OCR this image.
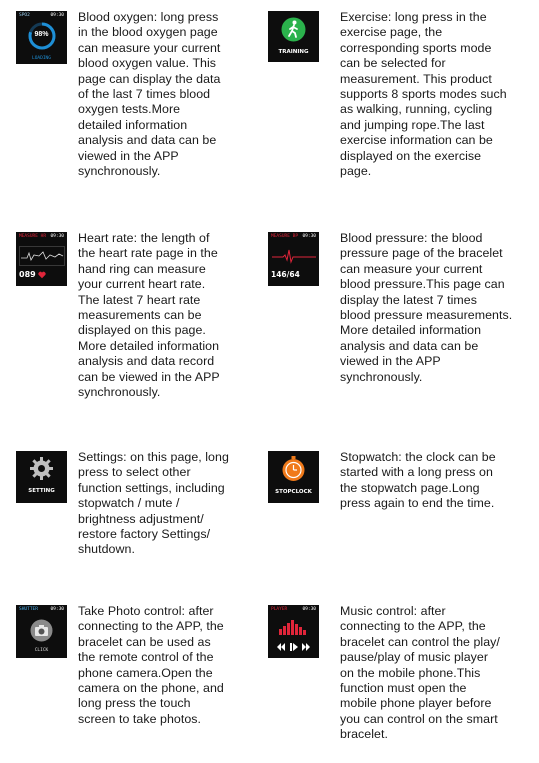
SPO2	09:30
98%
LOADING
Blood oxygen: long press
in the blood oxygen page
can measure your current
blood oxygen value. This
page can display the data
of the last 7 times blood
oxygen tests.More
detailed information
analysis and data can be
viewed in the APP
synchronously.
TRAINING
Exercise: long press in the
exercise page, the
corresponding sports mode
can be selected for
measurement. This product
supports 8 sports modes such
as walking, running, cycling
and jumping rope.The last
exercise information can be
displayed on the exercise
page.
MEASURE HR 09:30
089
Heart rate: the length of
the heart rate page in the
hand ring can measure
your current heart rate.
The latest 7 heart rate
measurements can be
displayed on this page.
More detailed information
analysis and data record
can be viewed in the APP
synchronously.
MEASURE BP 09:30
146/64
Blood pressure: the blood
pressure page of the bracelet
can measure your current
blood pressure.This page can
display the latest 7 times
blood pressure measurements.
More detailed information
analysis and data can be
viewed in the APP
synchronously.
SETTING
Settings: on this page, long
press to select other
function settings, including
stopwatch / mute /
brightness adjustment/
restore factory Settings/
shutdown.
STOPCLOCK
Stopwatch: the clock can be
started with a long press on
the stopwatch page.Long
press again to end the time.
SHUTTER	09:30
CLICK
Take Photo control: after
connecting to the APP, the
bracelet can be used as
the remote control of the
phone camera.Open the
camera on the phone, and
long press the touch
screen to take photos.
PLAYER	09:30 Music control: after
connecting to the APP, the
bracelet can control the play/
pause/play of music player
on the mobile phone.This
function must open the
mobile phone player before
you can control on the smart
bracelet.
